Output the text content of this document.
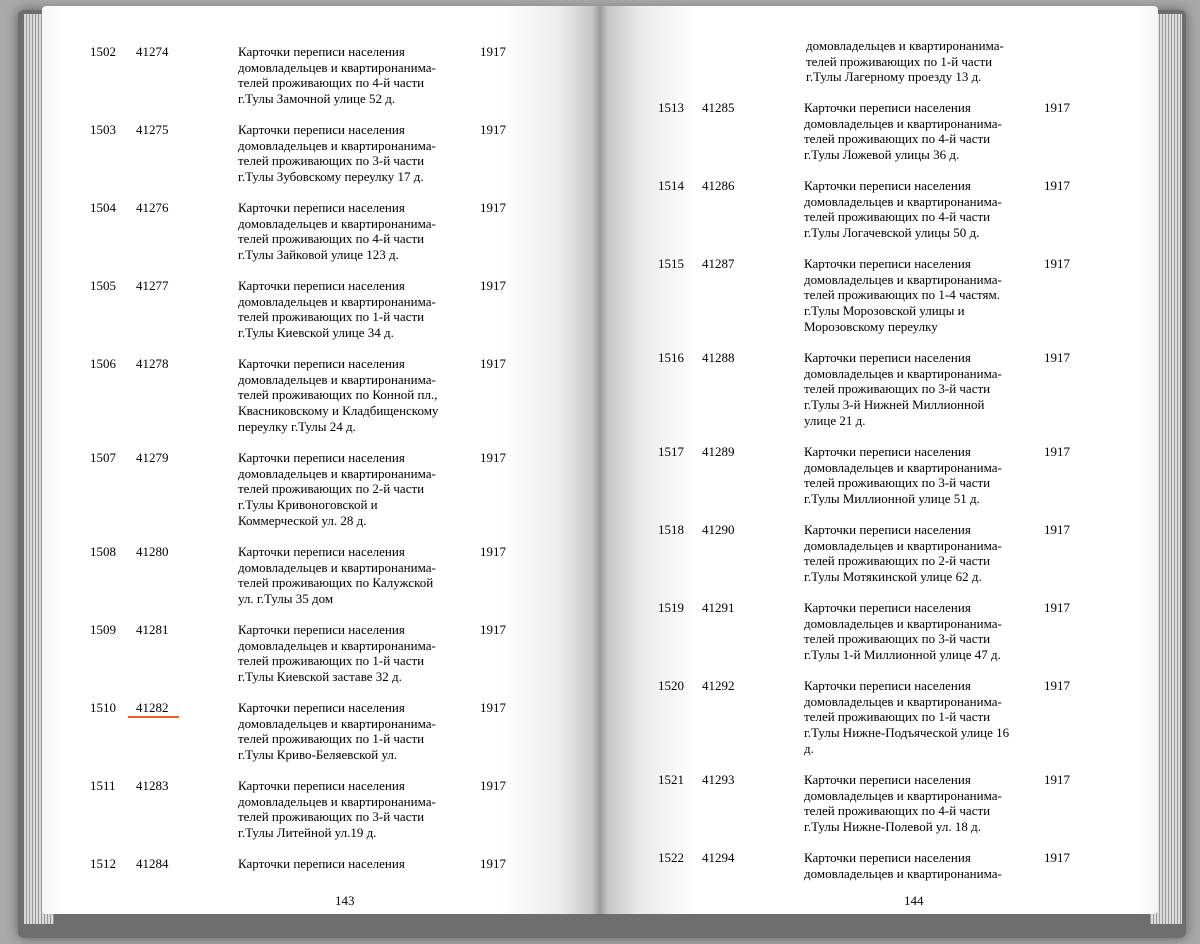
1502 41274	Карточки переписи населения
домовладельцев и квартиронанима-
телей проживающих по 4-й части
г.Тулы Замочной улице 52 д.
1917
1503 41275	Карточки переписи населения
домовладельцев и квартиронанима-
телей проживающих по 3-й части
г.Тулы Зубовскому переулку 17 д.
1917
1504 41276	Карточки переписи населения
домовладельцев и квартиронанима-
телей проживающих по 4-й части
г.Тулы Зайковой улице 123 д.
1917
1505 41277	Карточки переписи населения
домовладельцев и квартиронанима-
телей проживающих по 1-й части
г.Тулы Киевской улице 34 д.
1917
1506 41278	Карточки переписи населения
домовладельцев и квартиронанима-
телей проживающих по Конной пл.,
Квасниковскому и Кладбищенскому
переулку г.Тулы 24 д.
1917
1507 41279	Карточки переписи населения
домовладельцев и квартиронанима-
телей проживающих по 2-й части
г.Тулы Кривоноговской и
Коммерческой ул. 28 д.
1917
1508 41280	Карточки переписи населения
домовладельцев и квартиронанима-
телей проживающих по Калужской
ул. г.Тулы 35 дом
1917
1509 41281	Карточки переписи населения
домовладельцев и квартиронанима-
телей проживающих по 1-й части
г.Тулы Киевской заставе 32 д.
1917
1510 41282	Карточки переписи населения
домовладельцев и квартиронанима-
телей проживающих по 1-й части
г.Тулы Криво-Беляевской ул.
1917
1511 41283	Карточки переписи населения
домовладельцев и квартиронанима-
телей проживающих по 3-й части
г.Тулы Литейной ул.19 д.
1917
1512 41284	Карточки переписи населения	1917
143
домовладельцев и квартиронанима-
телей проживающих по 1-й части
г.Тулы Лагерному проезду 13 д.
1513 41285	Карточки переписи населения
домовладельцев и квартиронанима-
телей проживающих по 4-й части
г.Тулы Ложевой улицы 36 д.
1917
1514 41286	Карточки переписи населения
домовладельцев и квартиронанима-
телей проживающих по 4-й части
г.Тулы Логачевской улицы 50 д.
1917
1515 41287	Карточки переписи населения
домовладельцев и квартиронанима-
телей проживающих по 1-4 частям.
г.Тулы Морозовской улицы и
Морозовскому переулку
1917
1516 41288	Карточки переписи населения
домовладельцев и квартиронанима-
телей проживающих по 3-й части
г.Тулы 3-й Нижней Миллионной
улице 21 д.
1917
1517 41289	Карточки переписи населения
домовладельцев и квартиронанима-
телей проживающих по 3-й части
г.Тулы Миллионной улице 51 д.
1917
1518 41290	Карточки переписи населения
домовладельцев и квартиронанима-
телей проживающих по 2-й части
г.Тулы Мотякинской улице 62 д.
1917
1519 41291	Карточки переписи населения
домовладельцев и квартиронанима-
телей проживающих по 3-й части
г.Тулы 1-й Миллионной улице 47 д.
1917
1520 41292	Карточки переписи населения
домовладельцев и квартиронанима-
телей проживающих по 1-й части
г.Тулы Нижне-Подъяческой улице 16
д.
1917
1521 41293	Карточки переписи населения
домовладельцев и квартиронанима-
телей проживающих по 4-й части
г.Тулы Нижне-Полевой ул. 18 д.
1917
1522 41294	Карточки переписи населения
домовладельцев и квартиронанима-
1917
144
